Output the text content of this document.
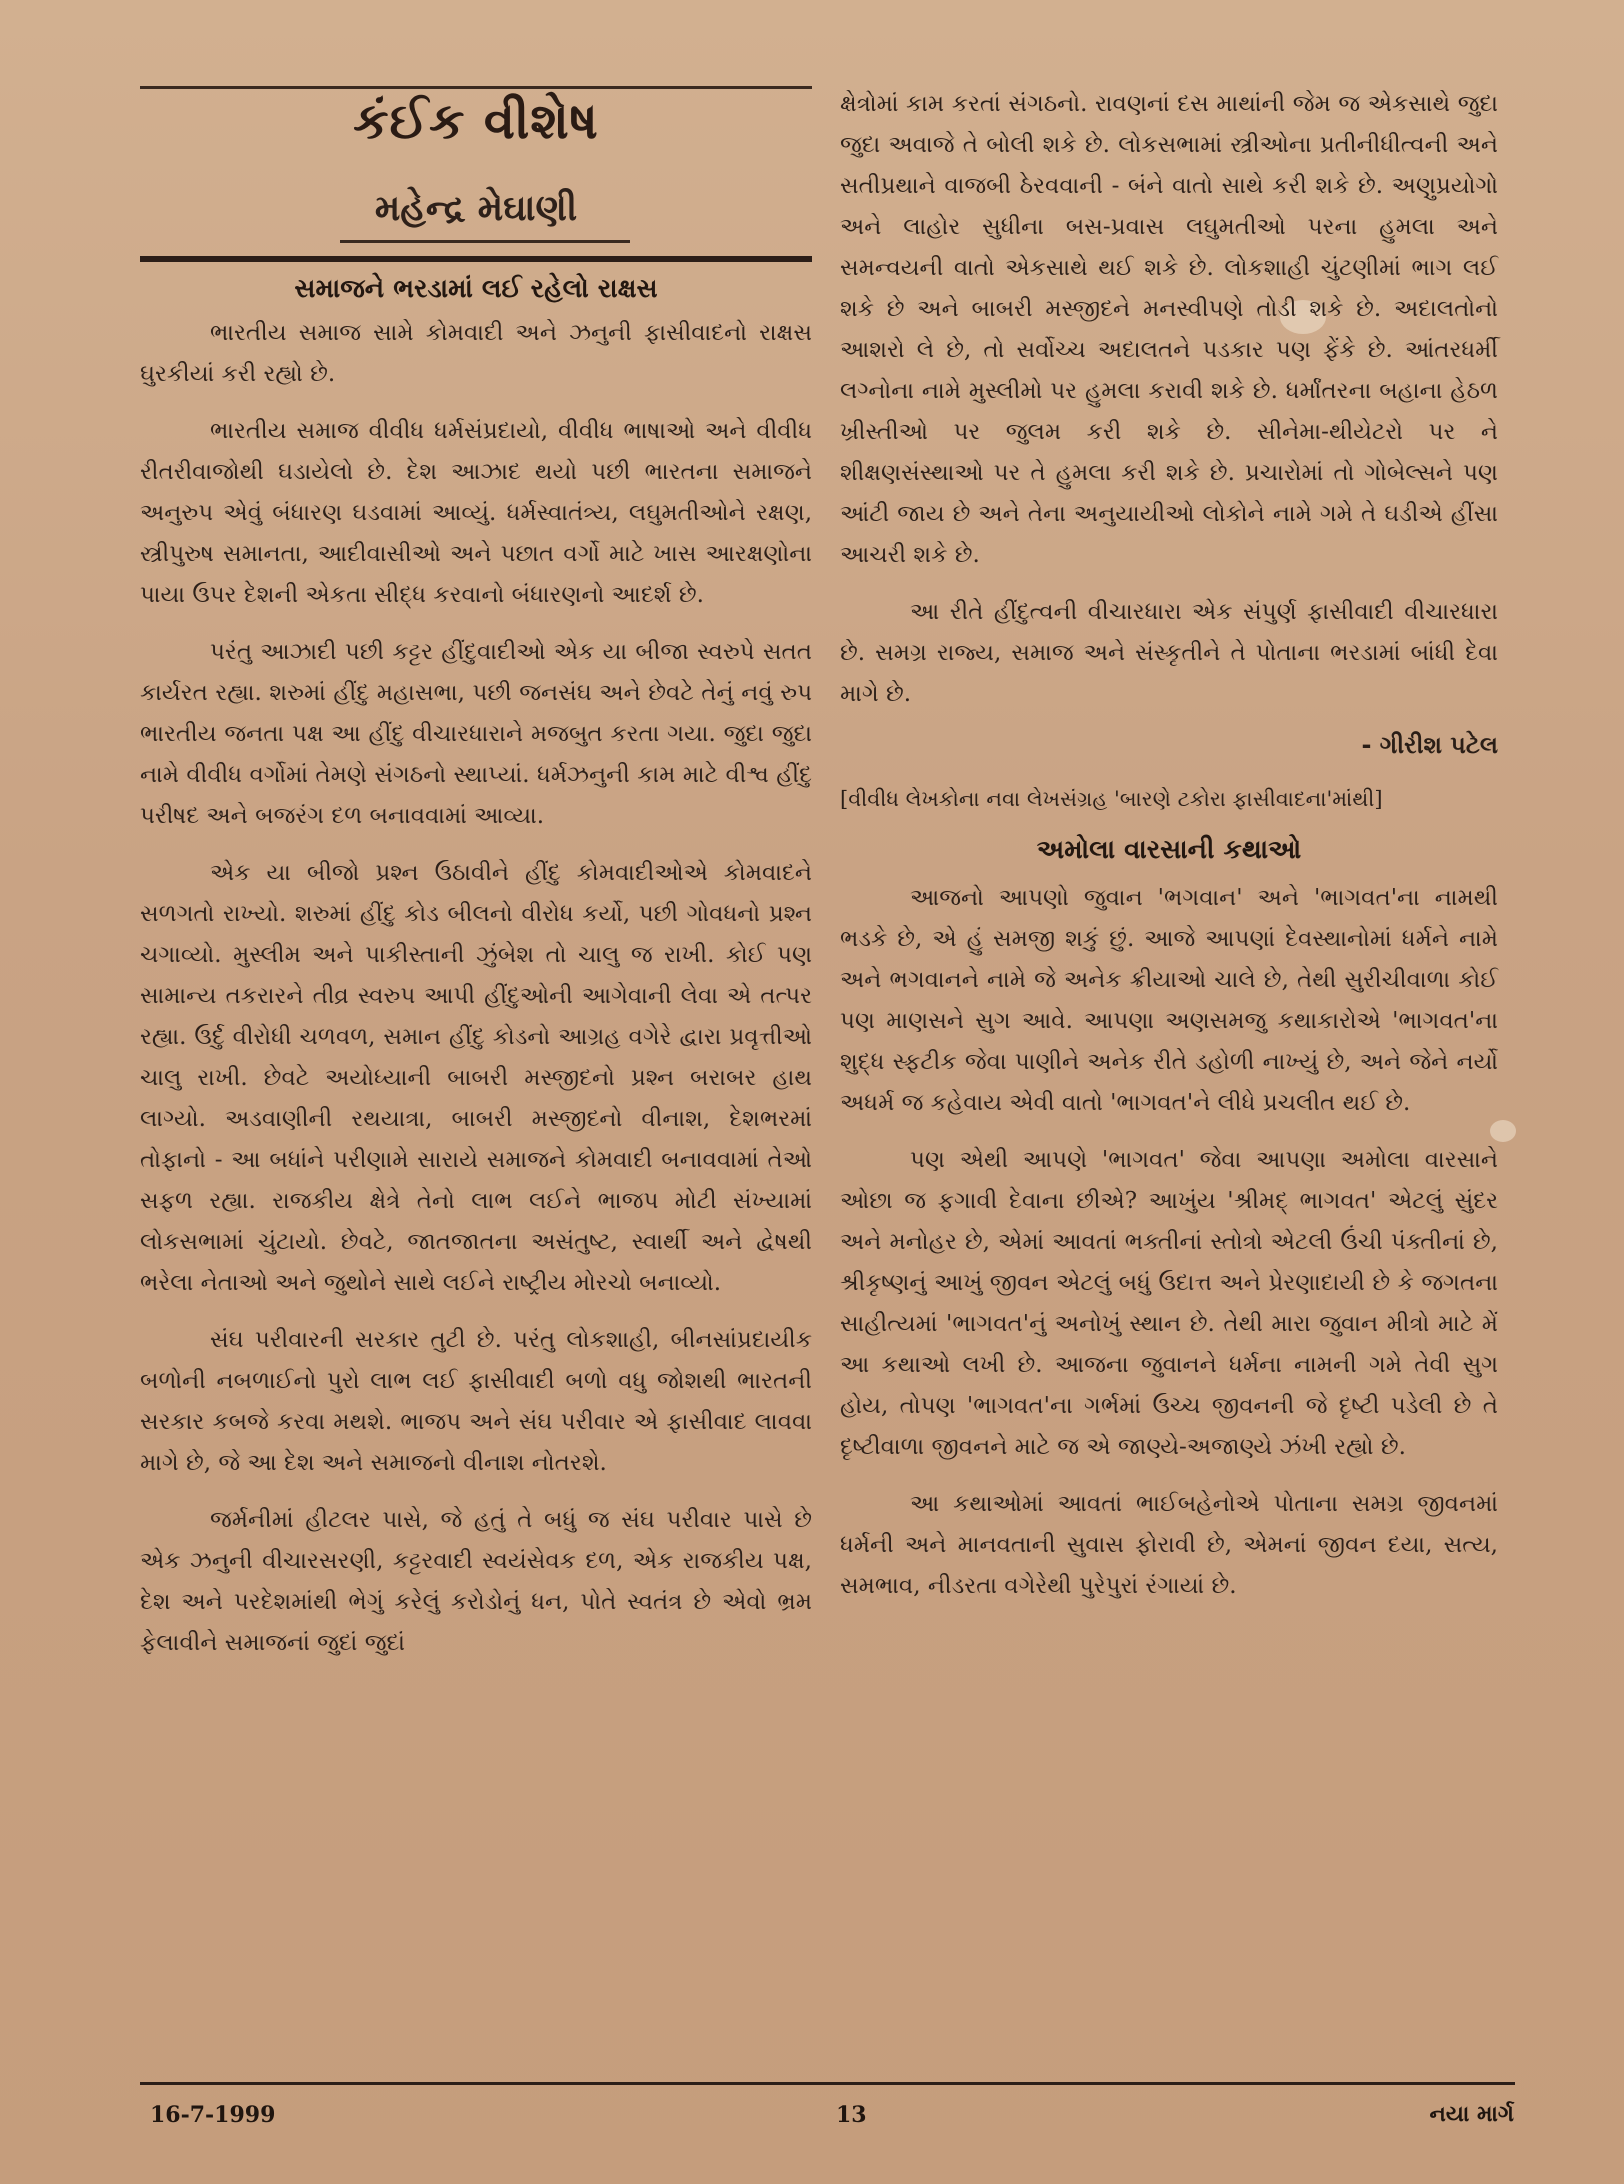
કંઈક વીશેષ
મહેન્દ્ર મેઘાણી
સમાજને ભરડામાં લઈ રહેલો રાક્ષસ

ભારતીય સમાજ સામે કોમવાદી અને ઝનુની ફાસીવાદનો રાક્ષસ ઘુરકીયાં કરી રહ્યો છે.

ભારતીય સમાજ વીવીધ ધર્મસંપ્રદાયો, વીવીધ ભાષાઓ અને વીવીધ રીતરીવાજોથી ઘડાયેલો છે. દેશ આઝાદ થયો પછી ભારતના સમાજને અનુરુપ એવું બંધારણ ઘડવામાં આવ્યું. ધર્મસ્વાતંત્ર્ય, લઘુમતીઓને રક્ષણ, સ્ત્રીપુરુષ સમાનતા, આદીવાસીઓ અને પછાત વર્ગો માટે ખાસ આરક્ષણોના પાયા ઉપર દેશની એકતા સીદ્ધ કરવાનો બંધારણનો આદર્શ છે.

પરંતુ આઝાદી પછી કટ્ટર હીંદુવાદીઓ એક યા બીજા સ્વરુપે સતત કાર્યરત રહ્યા. શરુમાં હીંદુ મહાસભા, પછી જનસંઘ અને છેવટે તેનું નવું રુપ ભારતીય જનતા પક્ષ આ હીંદુ વીચારધારાને મજબુત કરતા ગયા. જુદા જુદા નામે વીવીધ વર્ગોમાં તેમણે સંગઠનો સ્થાપ્યાં. ધર્મઝનુની કામ માટે વીશ્વ હીંદુ પરીષદ અને બજરંગ દળ બનાવવામાં આવ્યા.

એક યા બીજો પ્રશ્ન ઉઠાવીને હીંદુ કોમવાદીઓએ કોમવાદને સળગતો રાખ્યો. શરુમાં હીંદુ કોડ બીલનો વીરોધ કર્યો, પછી ગોવધનો પ્રશ્ન ચગાવ્યો. મુસ્લીમ અને પાકીસ્તાની ઝુંબેશ તો ચાલુ જ રાખી. કોઈ પણ સામાન્ય તકરારને તીવ્ર સ્વરુપ આપી હીંદુઓની આગેવાની લેવા એ તત્પર રહ્યા. ઉર્દુ વીરોધી ચળવળ, સમાન હીંદુ કોડનો આગ્રહ વગેરે દ્વારા પ્રવૃત્તીઓ ચાલુ રાખી. છેવટે અયોધ્યાની બાબરી મસ્જીદનો પ્રશ્ન બરાબર હાથ લાગ્યો. અડવાણીની રથયાત્રા, બાબરી મસ્જીદનો વીનાશ, દેશભરમાં તોફાનો - આ બધાંને પરીણામે સારાયે સમાજને કોમવાદી બનાવવામાં તેઓ સફળ રહ્યા. રાજકીય ક્ષેત્રે તેનો લાભ લઈને ભાજપ મોટી સંખ્યામાં લોકસભામાં ચુંટાયો. છેવટે, જાતજાતના અસંતુષ્ટ, સ્વાર્થી અને દ્વેષથી ભરેલા નેતાઓ અને જુથોને સાથે લઈને રાષ્ટ્રીય મોરચો બનાવ્યો.

સંઘ પરીવારની સરકાર તુટી છે. પરંતુ લોકશાહી, બીનસાંપ્રદાયીક બળોની નબળાઈનો પુરો લાભ લઈ ફાસીવાદી બળો વધુ જોશથી ભારતની સરકાર કબજે કરવા મથશે. ભાજપ અને સંઘ પરીવાર એ ફાસીવાદ લાવવા માગે છે, જે આ દેશ અને સમાજનો વીનાશ નોતરશે.

જર્મનીમાં હીટલર પાસે, જે હતું તે બધું જ સંઘ પરીવાર પાસે છે એક ઝનુની વીચારસરણી, કટ્ટરવાદી સ્વયંસેવક દળ, એક રાજકીય પક્ષ, દેશ અને પરદેશમાંથી ભેગું કરેલું કરોડોનું ધન, પોતે સ્વતંત્ર છે એવો ભ્રમ ફેલાવીને સમાજનાં જુદાં જુદાં

ક્ષેત્રોમાં કામ કરતાં સંગઠનો. રાવણનાં દસ માથાંની જેમ જ એકસાથે જુદા જુદા અવાજે તે બોલી શકે છે. લોકસભામાં સ્ત્રીઓના પ્રતીનીધીત્વની અને સતીપ્રથાને વાજબી ઠેરવવાની - બંને વાતો સાથે કરી શકે છે. અણુપ્રયોગો અને લાહોર સુધીના બસ-પ્રવાસ લઘુમતીઓ પરના હુમલા અને સમન્વયની વાતો એકસાથે થઈ શકે છે. લોકશાહી ચુંટણીમાં ભાગ લઈ શકે છે અને બાબરી મસ્જીદને મનસ્વીપણે તોડી શકે છે. અદાલતોનો આશરો લે છે, તો સર્વોચ્ચ અદાલતને પડકાર પણ ફેંકે છે. આંતરધર્મી લગ્નોના નામે મુસ્લીમો પર હુમલા કરાવી શકે છે. ધર્માંતરના બહાના હેઠળ ખ્રીસ્તીઓ પર જુલમ કરી શકે છે. સીનેમા-થીયેટરો પર ને શીક્ષણસંસ્થાઓ પર તે હુમલા કરી શકે છે. પ્રચારોમાં તો ગોબેલ્સને પણ આંટી જાય છે અને તેના અનુયાયીઓ લોકોને નામે ગમે તે ઘડીએ હીંસા આચરી શકે છે.

આ રીતે હીંદુત્વની વીચારધારા એક સંપુર્ણ ફાસીવાદી વીચારધારા છે. સમગ્ર રાજ્ય, સમાજ અને સંસ્કૃતીને તે પોતાના ભરડામાં બાંધી દેવા માગે છે.

- ગીરીશ પટેલ
[વીવીધ લેખકોના નવા લેખસંગ્રહ 'બારણે ટકોરા ફાસીવાદના'માંથી]
અમોલા વારસાની કથાઓ

આજનો આપણો જુવાન 'ભગવાન' અને 'ભાગવત'ના નામથી ભડકે છે, એ હું સમજી શકું છું. આજે આપણાં દેવસ્થાનોમાં ધર્મને નામે અને ભગવાનને નામે જે અનેક ક્રીયાઓ ચાલે છે, તેથી સુરીચીવાળા કોઈ પણ માણસને સુગ આવે. આપણા અણસમજુ કથાકારોએ 'ભાગવત'ના શુદ્ધ સ્ફટીક જેવા પાણીને અનેક રીતે ડહોળી નાખ્યું છે, અને જેને નર્યો અધર્મ જ કહેવાય એવી વાતો 'ભાગવત'ને લીધે પ્રચલીત થઈ છે.

પણ એથી આપણે 'ભાગવત' જેવા આપણા અમોલા વારસાને ઓછા જ ફગાવી દેવાના છીએ? આખુંય 'શ્રીમદ્ ભાગવત' એટલું સુંદર અને મનોહર છે, એમાં આવતાં ભક્તીનાં સ્તોત્રો એટલી ઉંચી પંક્તીનાં છે, શ્રીકૃષ્ણનું આખું જીવન એટલું બધું ઉદાત્ત અને પ્રેરણાદાયી છે કે જગતના સાહીત્યમાં 'ભાગવત'નું અનોખું સ્થાન છે. તેથી મારા જુવાન મીત્રો માટે મેં આ કથાઓ લખી છે. આજના જુવાનને ધર્મના નામની ગમે તેવી સુગ હોય, તોપણ 'ભાગવત'ના ગર્ભમાં ઉચ્ચ જીવનની જે દૃષ્ટી પડેલી છે તે દૃષ્ટીવાળા જીવનને માટે જ એ જાણ્યે-અજાણ્યે ઝંખી રહ્યો છે.

આ કથાઓમાં આવતાં ભાઈબહેનોએ પોતાના સમગ્ર જીવનમાં ધર્મની અને માનવતાની સુવાસ ફોરાવી છે, એમનાં જીવન દયા, સત્ય, સમભાવ, નીડરતા વગેરેથી પુરેપુરાં રંગાયાં છે.

16-7-1999	13	નયા માર્ગ
